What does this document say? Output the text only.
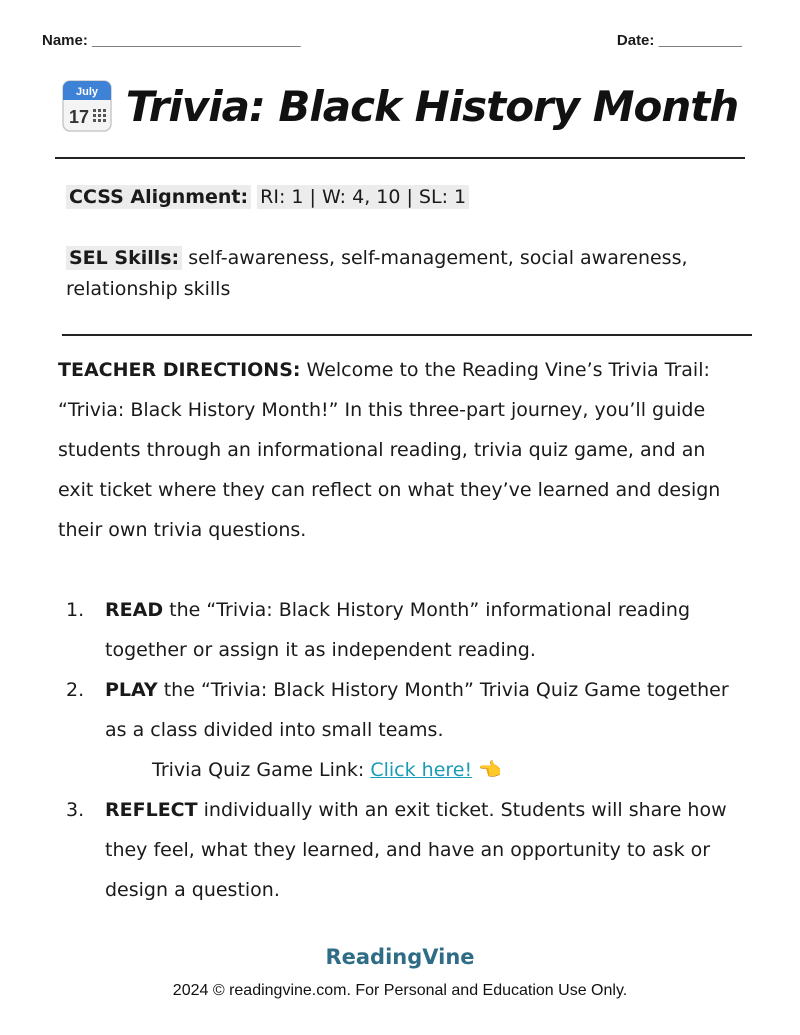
Name: _________________________	Date: __________
July
17 Trivia: Black History Month
CCSS Alignment: RI: 1 | W: 4, 10 | SL: 1
SEL Skills: self-awareness, self-management, social awareness, relationship skills
TEACHER DIRECTIONS: Welcome to the Reading Vine’s Trivia Trail: “Trivia: Black History Month!” In this three-part journey, you’ll guide students through an informational reading, trivia quiz game, and an exit ticket where they can reflect on what they’ve learned and design their own trivia questions.
1. READ the “Trivia: Black History Month” informational reading together or assign it as independent reading.
2. PLAY the “Trivia: Black History Month” Trivia Quiz Game together as a class divided into small teams.
Trivia Quiz Game Link: Click here! 👈
3. REFLECT individually with an exit ticket. Students will share how they feel, what they learned, and have an opportunity to ask or design a question.
ReadingVine
2024 © readingvine.com. For Personal and Education Use Only.
